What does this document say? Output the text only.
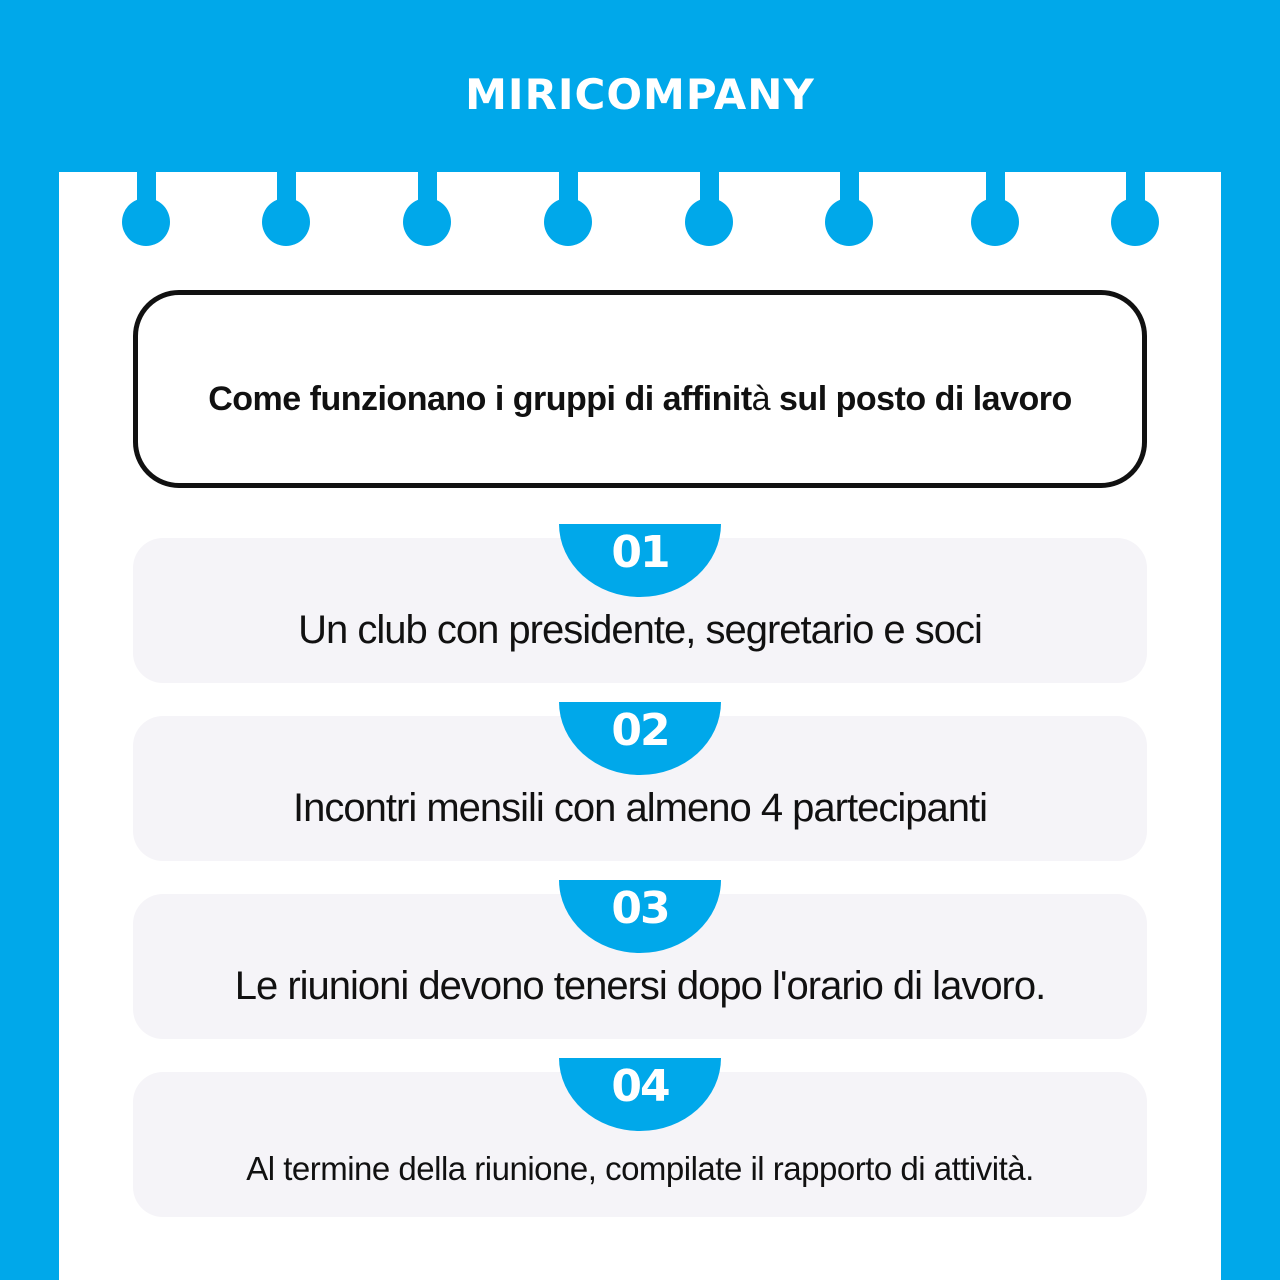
MIRICOMPANY
Come funzionano i gruppi di affinità sul posto di lavoro
01
Un club con presidente, segretario e soci
02
Incontri mensili con almeno 4 partecipanti
03
Le riunioni devono tenersi dopo l'orario di lavoro.
04
Al termine della riunione, compilate il rapporto di attività.
